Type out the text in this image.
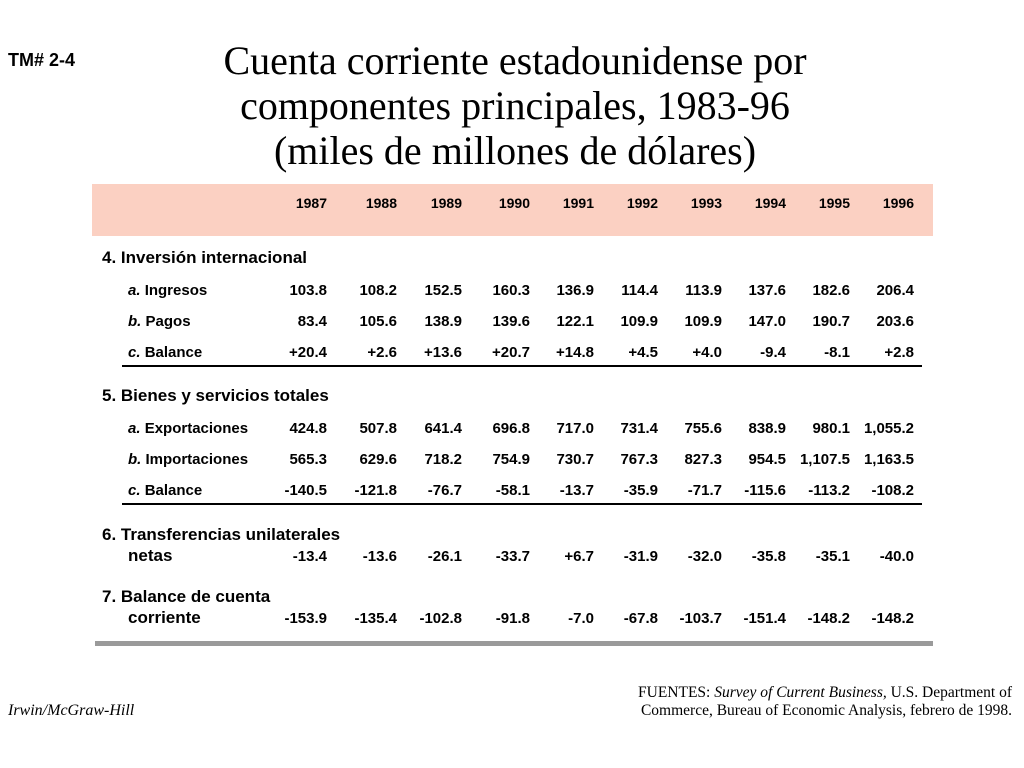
TM# 2-4	Cuenta corriente estadounidense por
componentes principales, 1983-96
(miles de millones de dólares)
1987	1988	1989	1990	1991	1992	1993	1994	1995	1996
4. Inversión internacional
a. Ingresos	103.8	108.2	152.5	160.3	136.9	114.4	113.9	137.6	182.6	206.4
b. Pagos	83.4	105.6	138.9	139.6	122.1	109.9	109.9	147.0	190.7	203.6
c. Balance	+20.4	+2.6	+13.6	+20.7	+14.8	+4.5	+4.0	-9.4	-8.1	+2.8
5. Bienes y servicios totales
a. Exportaciones	424.8	507.8	641.4	696.8	717.0	731.4	755.6	838.9	980.1 1,055.2
b. Importaciones	565.3	629.6	718.2	754.9	730.7	767.3	827.3	954.5 1,107.5 1,163.5
c. Balance	-140.5	-121.8	-76.7	-58.1	-13.7	-35.9	-71.7	-115.6	-113.2	-108.2
6. Transferencias unilaterales
netas	-13.4	-13.6	-26.1	-33.7	+6.7	-31.9	-32.0	-35.8	-35.1	-40.0
7. Balance de cuenta
corriente	-153.9	-135.4	-102.8	-91.8	-7.0	-67.8	-103.7	-151.4	-148.2	-148.2
Irwin/McGraw-Hill
FUENTES: Survey of Current Business, U.S. Department of
Commerce, Bureau of Economic Analysis, febrero de 1998.
